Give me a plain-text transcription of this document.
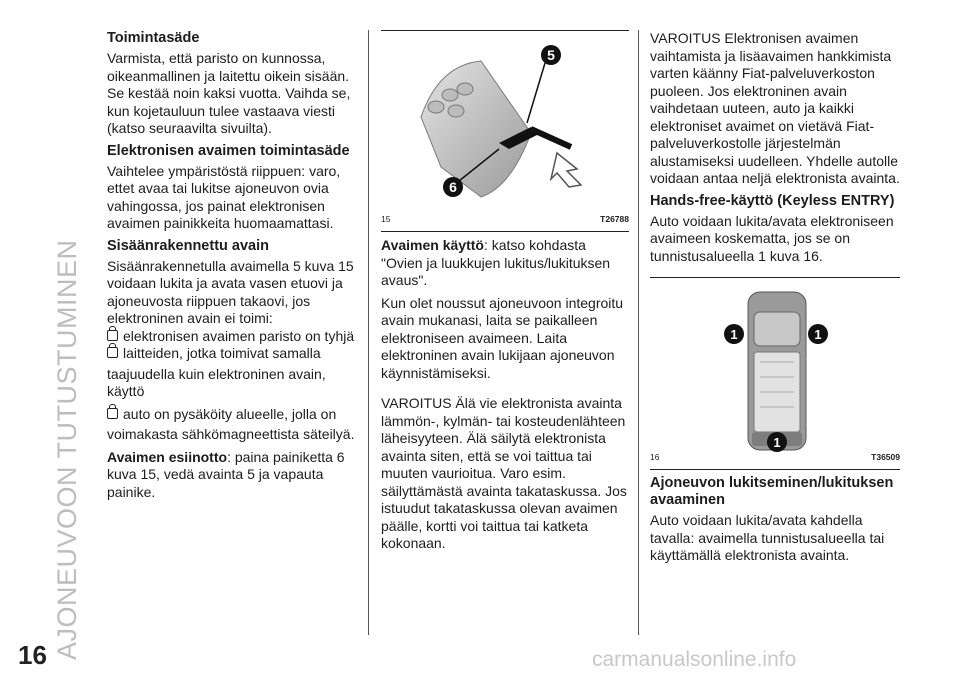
AJONEUVOON TUTUSTUMINEN
16	carmanualsonline.info
Toimintasäde

Varmista, että paristo on kunnossa, oikeanmallinen ja laitettu oikein sisään. Se kestää noin kaksi vuotta. Vaihda se, kun kojetauluun tulee vastaava viesti (katso seuraavilta sivuilta).

Elektronisen avaimen toimintasäde

Vaihtelee ympäristöstä riippuen: varo, ettet avaa tai lukitse ajoneuvon ovia vahingossa, jos painat elektronisen avaimen painikkeita huomaamattasi.

Sisäänrakennettu avain

Sisäänrakennetulla avaimella 5 kuva 15 voidaan lukita ja avata vasen etuovi ja ajoneuvosta riippuen takaovi, jos elektroninen avain ei toimi:

elektronisen avaimen paristo on tyhjä
laitteiden, jotka toimivat samalla

taajuudella kuin elektroninen avain, käyttö

auto on pysäköity alueelle, jolla on

voimakasta sähkömagneettista säteilyä.

Avaimen esiinotto: paina painiketta 6 kuva 15, vedä avainta 5 ja vapauta painike.

5
6
15	T26788

Avaimen käyttö: katso kohdasta "Ovien ja luukkujen lukitus/lukituksen avaus".

Kun olet noussut ajoneuvoon integroitu avain mukanasi, laita se paikalleen elektroniseen avaimeen. Laita elektroninen avain lukijaan ajoneuvon käynnistämiseksi.

VAROITUS Älä vie elektronista avainta lämmön-, kylmän- tai kosteudenlähteen läheisyyteen. Älä säilytä elektronista avainta siten, että se voi taittua tai muuten vaurioitua. Varo esim. säilyttämästä avainta takataskussa. Jos istuudut takataskussa olevan avaimen päälle, kortti voi taittua tai katketa kokonaan.

VAROITUS Elektronisen avaimen vaihtamista ja lisäavaimen hankkimista varten käänny Fiat-palveluverkoston puoleen. Jos elektroninen avain vaihdetaan uuteen, auto ja kaikki elektroniset avaimet on vietävä Fiat-palveluverkostolle järjestelmän alustamiseksi uudelleen. Yhdelle autolle voidaan antaa neljä elektronista avainta.

Hands-free-käyttö (Keyless ENTRY)

Auto voidaan lukita/avata elektroniseen avaimeen koskematta, jos se on tunnistusalueella 1 kuva 16.

1	1
1
16	T36509
Ajoneuvon lukitseminen/lukituksen avaaminen

Auto voidaan lukita/avata kahdella tavalla: avaimella tunnistusalueella tai käyttämällä elektronista avainta.
